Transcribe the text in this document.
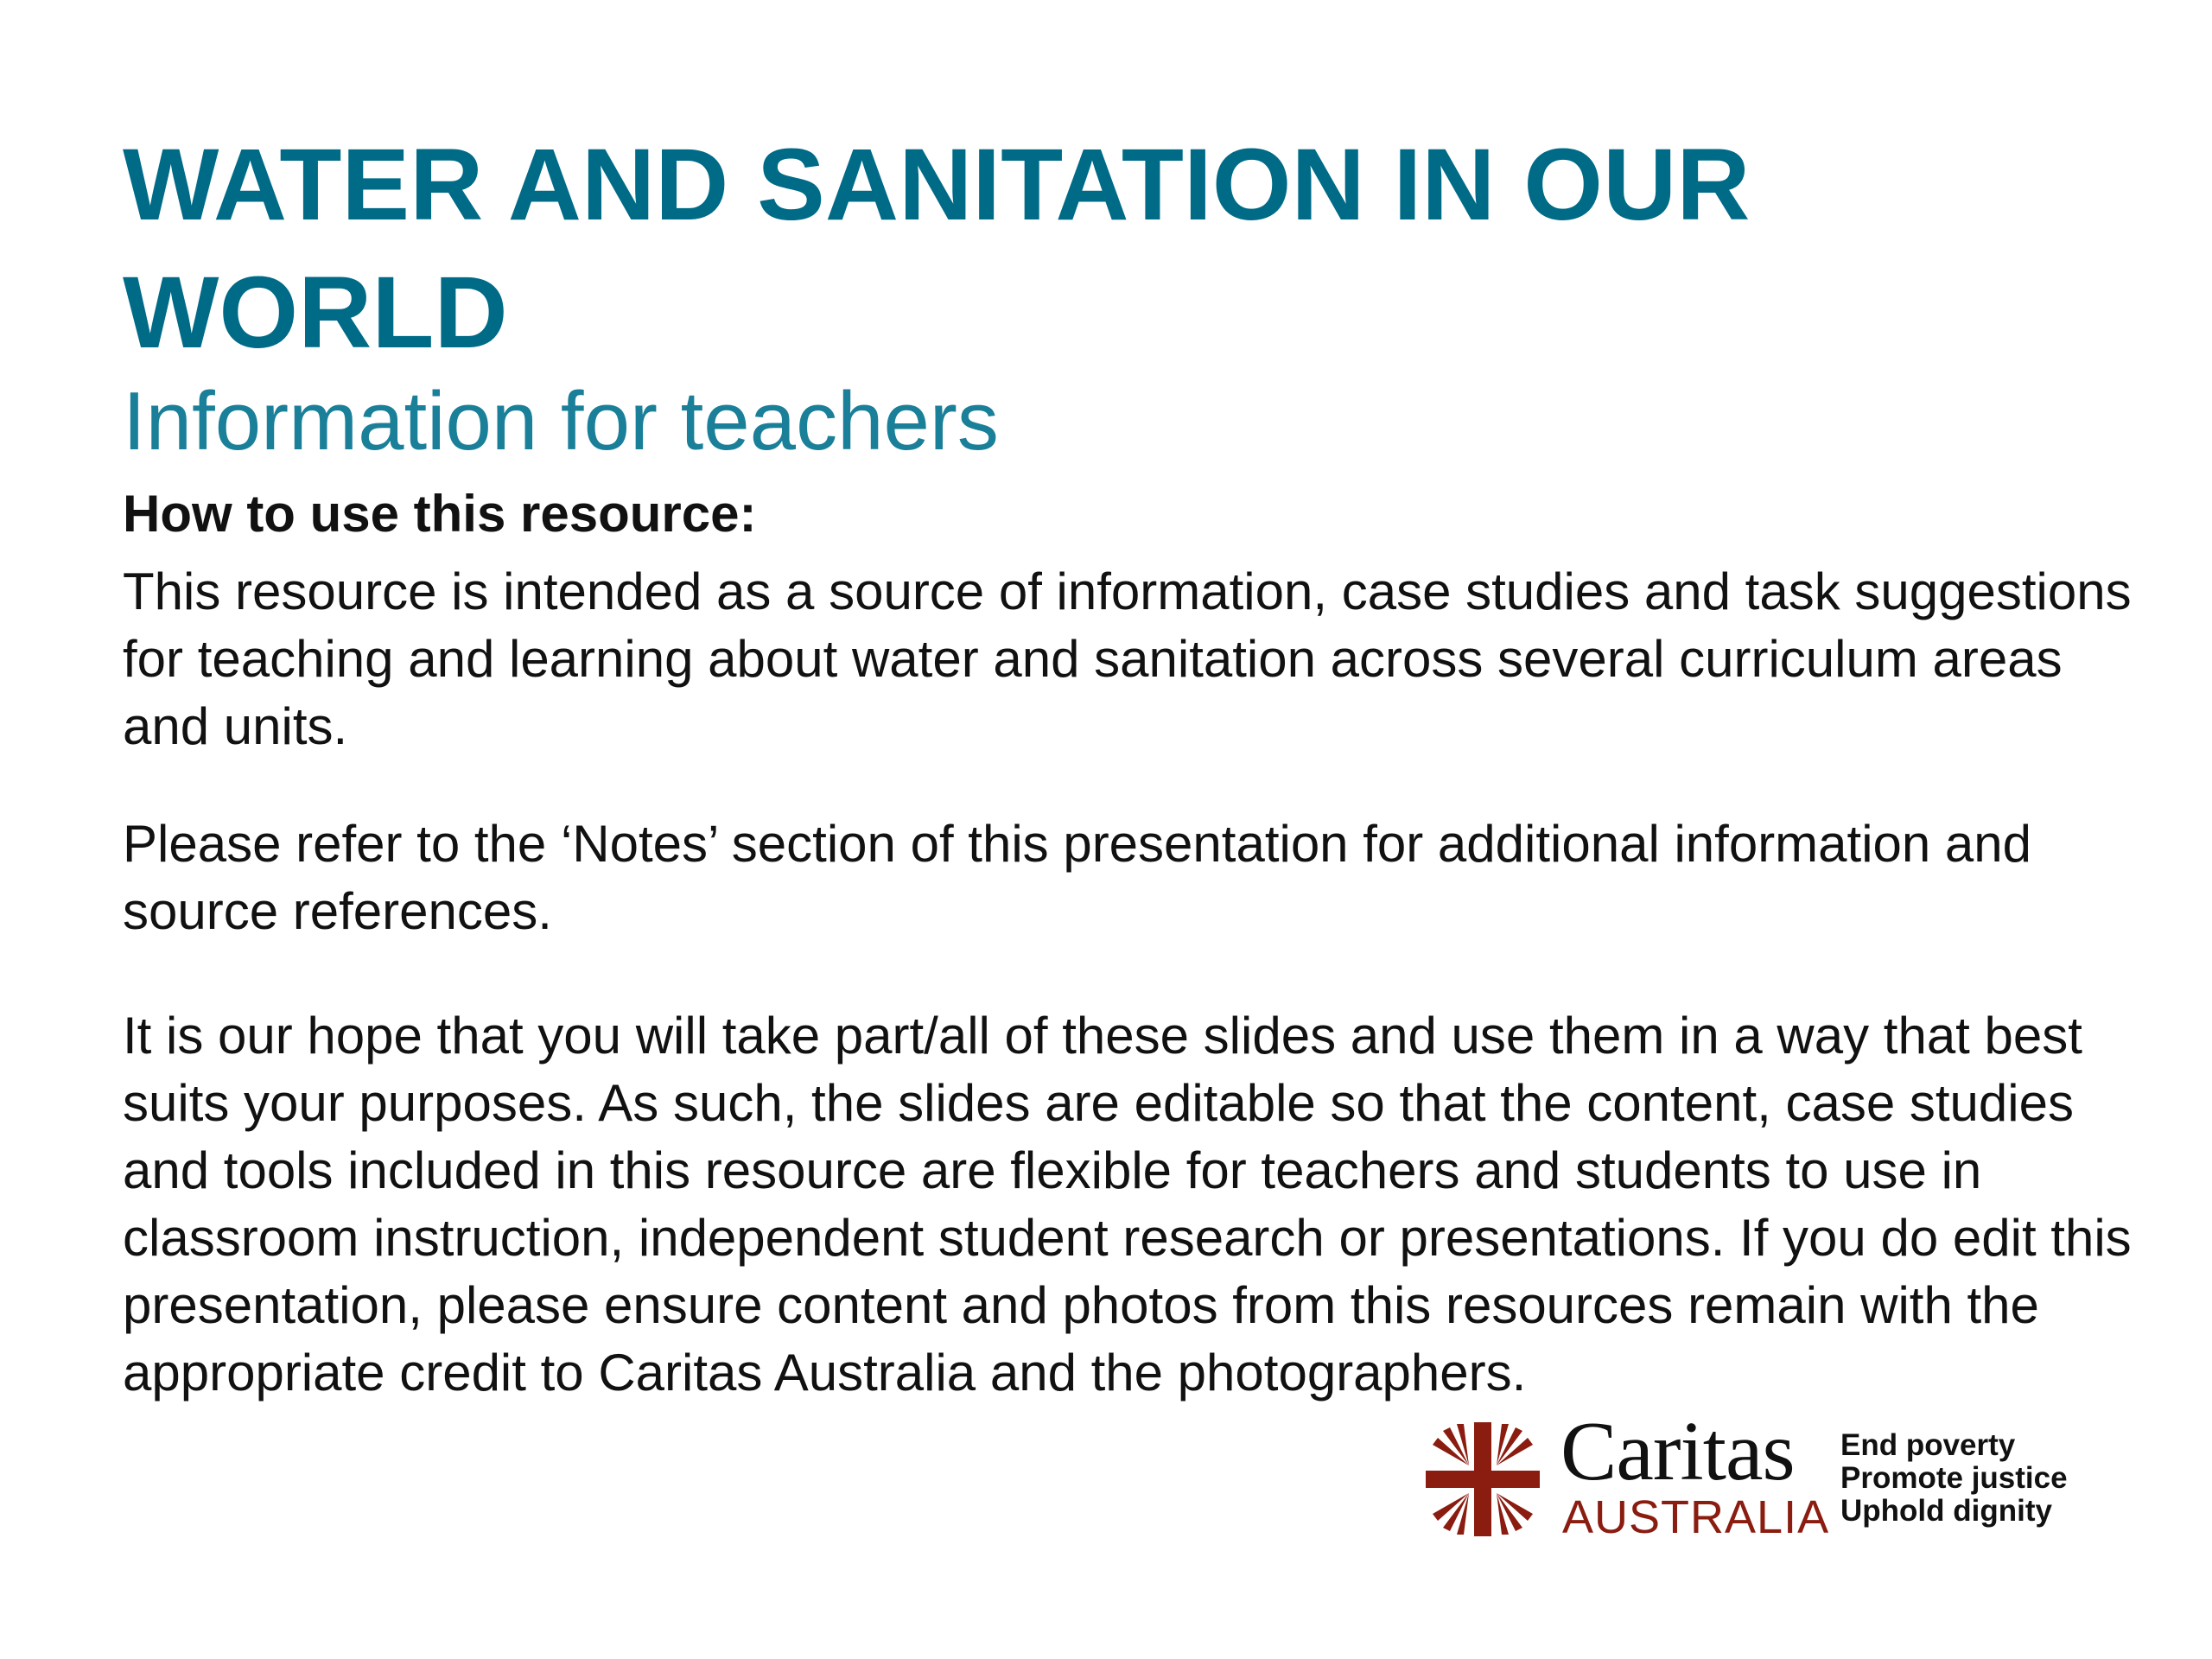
WATER AND SANITATION IN OUR WORLD
Information for teachers

How to use this resource:

This resource is intended as a source of information, case studies and task suggestions for teaching and learning about water and sanitation across several curriculum areas and units.

Please refer to the ‘Notes’ section of this presentation for additional information and source references.

It is our hope that you will take part/all of these slides and use them in a way that best suits your purposes. As such, the slides are editable so that the content, case studies and tools included in this resource are flexible for teachers and students to use in classroom instruction, independent student research or presentations. If you do edit this presentation, please ensure content and photos from this resources remain with the appropriate credit to Caritas Australia and the photographers.

Caritas
AUSTRALIA
End poverty
Promote justice
Uphold dignity
